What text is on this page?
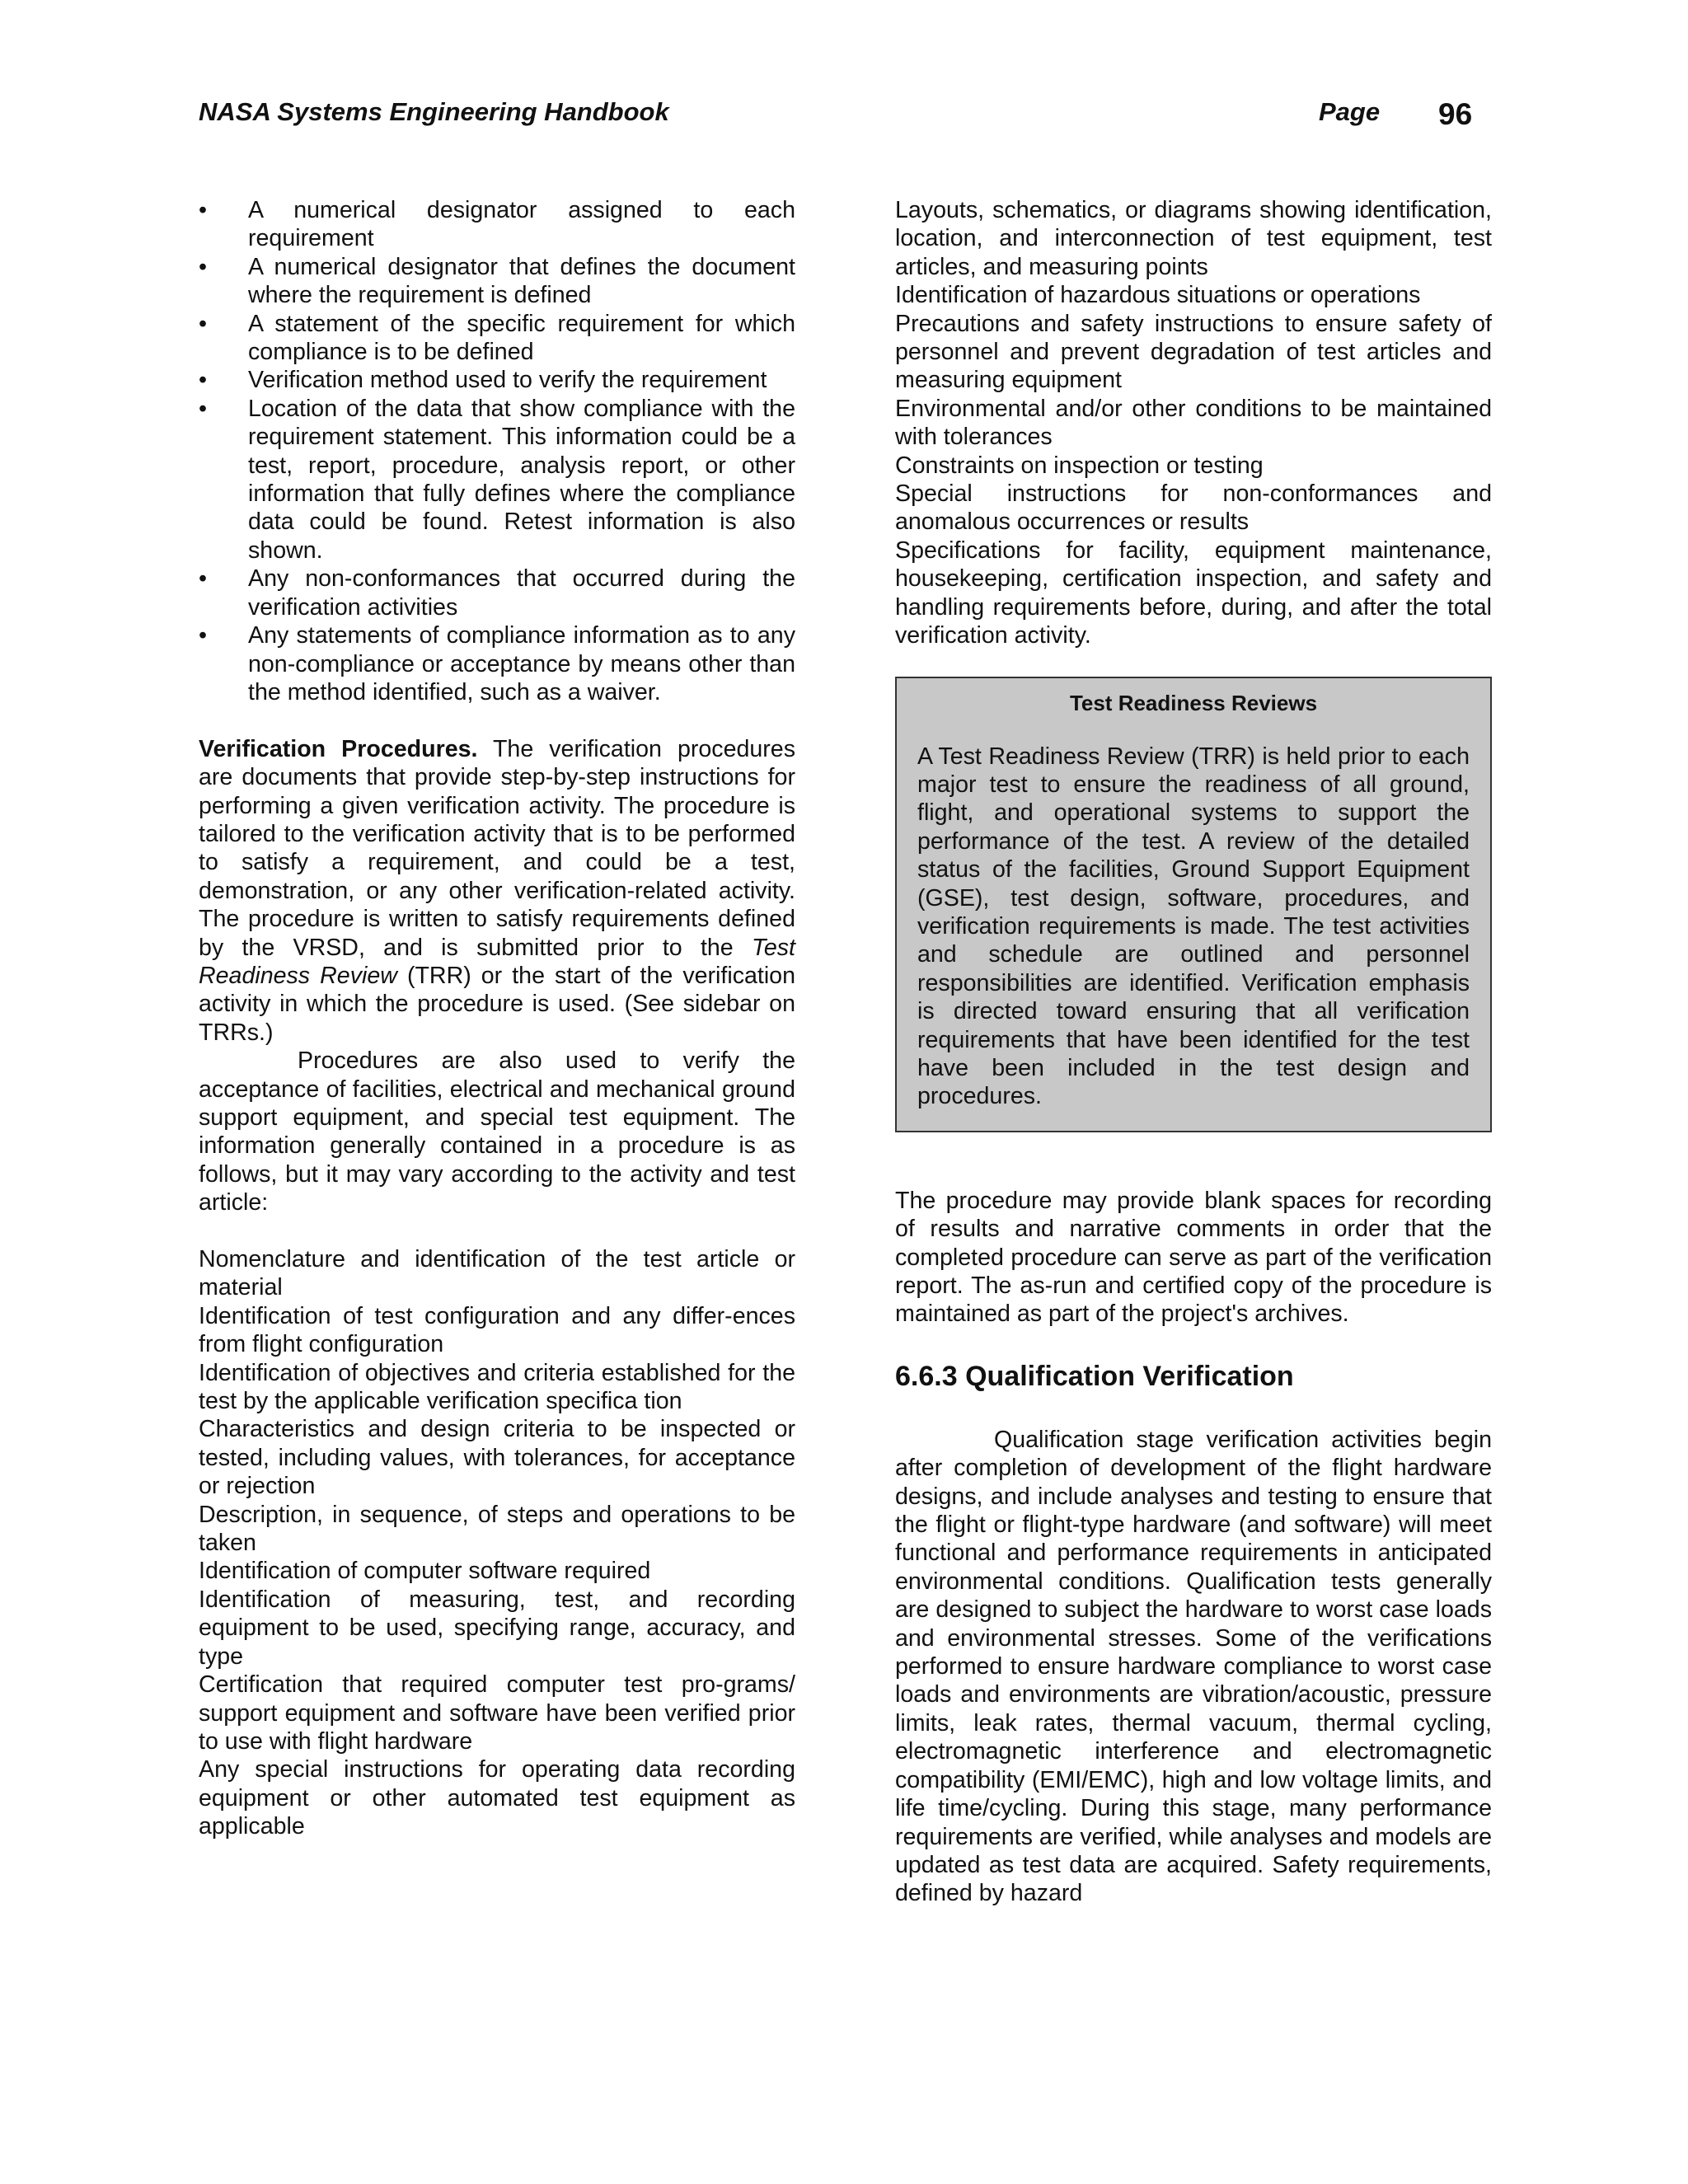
NASA Systems Engineering Handbook	Page 96
• A numerical designator assigned to each requirement
• A numerical designator that defines the document where the requirement is defined
• A statement of the specific requirement for which compliance is to be defined
• Verification method used to verify the requirement
• Location of the data that show compliance with the requirement statement. This information could be a test, report, procedure, analysis report, or other information that fully defines where the compliance data could be found. Retest information is also shown.
• Any non-conformances that occurred during the verification activities
• Any statements of compliance information as to any non-compliance or acceptance by means other than the method identified, such as a waiver.

Verification Procedures. The verification procedures are documents that provide step-by-step instructions for performing a given verification activity. The procedure is tailored to the verification activity that is to be performed to satisfy a requirement, and could be a test, demonstration, or any other verification-related activity. The procedure is written to satisfy requirements defined by the VRSD, and is submitted prior to the Test Readiness Review (TRR) or the start of the verification activity in which the procedure is used. (See sidebar on TRRs.)

Procedures are also used to verify the acceptance of facilities, electrical and mechanical ground support equipment, and special test equipment. The information generally contained in a procedure is as follows, but it may vary according to the activity and test article:

Nomenclature and identification of the test article or material

Identification of test configuration and any differ-ences from flight configuration

Identification of objectives and criteria established for the test by the applicable verification specifica tion

Characteristics and design criteria to be inspected or tested, including values, with tolerances, for acceptance or rejection

Description, in sequence, of steps and operations to be taken

Identification of computer software required

Identification of measuring, test, and recording equipment to be used, specifying range, accuracy, and type

Certification that required computer test pro-grams/ support equipment and software have been verified prior to use with flight hardware

Any special instructions for operating data recording equipment or other automated test equipment as applicable

Layouts, schematics, or diagrams showing identification, location, and interconnection of test equipment, test articles, and measuring points

Identification of hazardous situations or operations

Precautions and safety instructions to ensure safety of personnel and prevent degradation of test articles and measuring equipment

Environmental and/or other conditions to be maintained with tolerances

Constraints on inspection or testing

Special instructions for non-conformances and anomalous occurrences or results

Specifications for facility, equipment maintenance, housekeeping, certification inspection, and safety and handling requirements before, during, and after the total verification activity.

Test Readiness Reviews

A Test Readiness Review (TRR) is held prior to each major test to ensure the readiness of all ground, flight, and operational systems to support the performance of the test. A review of the detailed status of the facilities, Ground Support Equipment (GSE), test design, software, procedures, and verification requirements is made. The test activities and schedule are outlined and personnel responsibilities are identified. Verification emphasis is directed toward ensuring that all verification requirements that have been identified for the test have been included in the test design and procedures.

The procedure may provide blank spaces for recording of results and narrative comments in order that the completed procedure can serve as part of the verification report. The as-run and certified copy of the procedure is maintained as part of the project's archives.

6.6.3 Qualification Verification

Qualification stage verification activities begin after completion of development of the flight hardware designs, and include analyses and testing to ensure that the flight or flight-type hardware (and software) will meet functional and performance requirements in anticipated environmental conditions. Qualification tests generally are designed to subject the hardware to worst case loads and environmental stresses. Some of the verifications performed to ensure hardware compliance to worst case loads and environments are vibration/acoustic, pressure limits, leak rates, thermal vacuum, thermal cycling, electromagnetic interference and electromagnetic compatibility (EMI/EMC), high and low voltage limits, and life time/cycling. During this stage, many performance requirements are verified, while analyses and models are updated as test data are acquired. Safety requirements, defined by hazard
